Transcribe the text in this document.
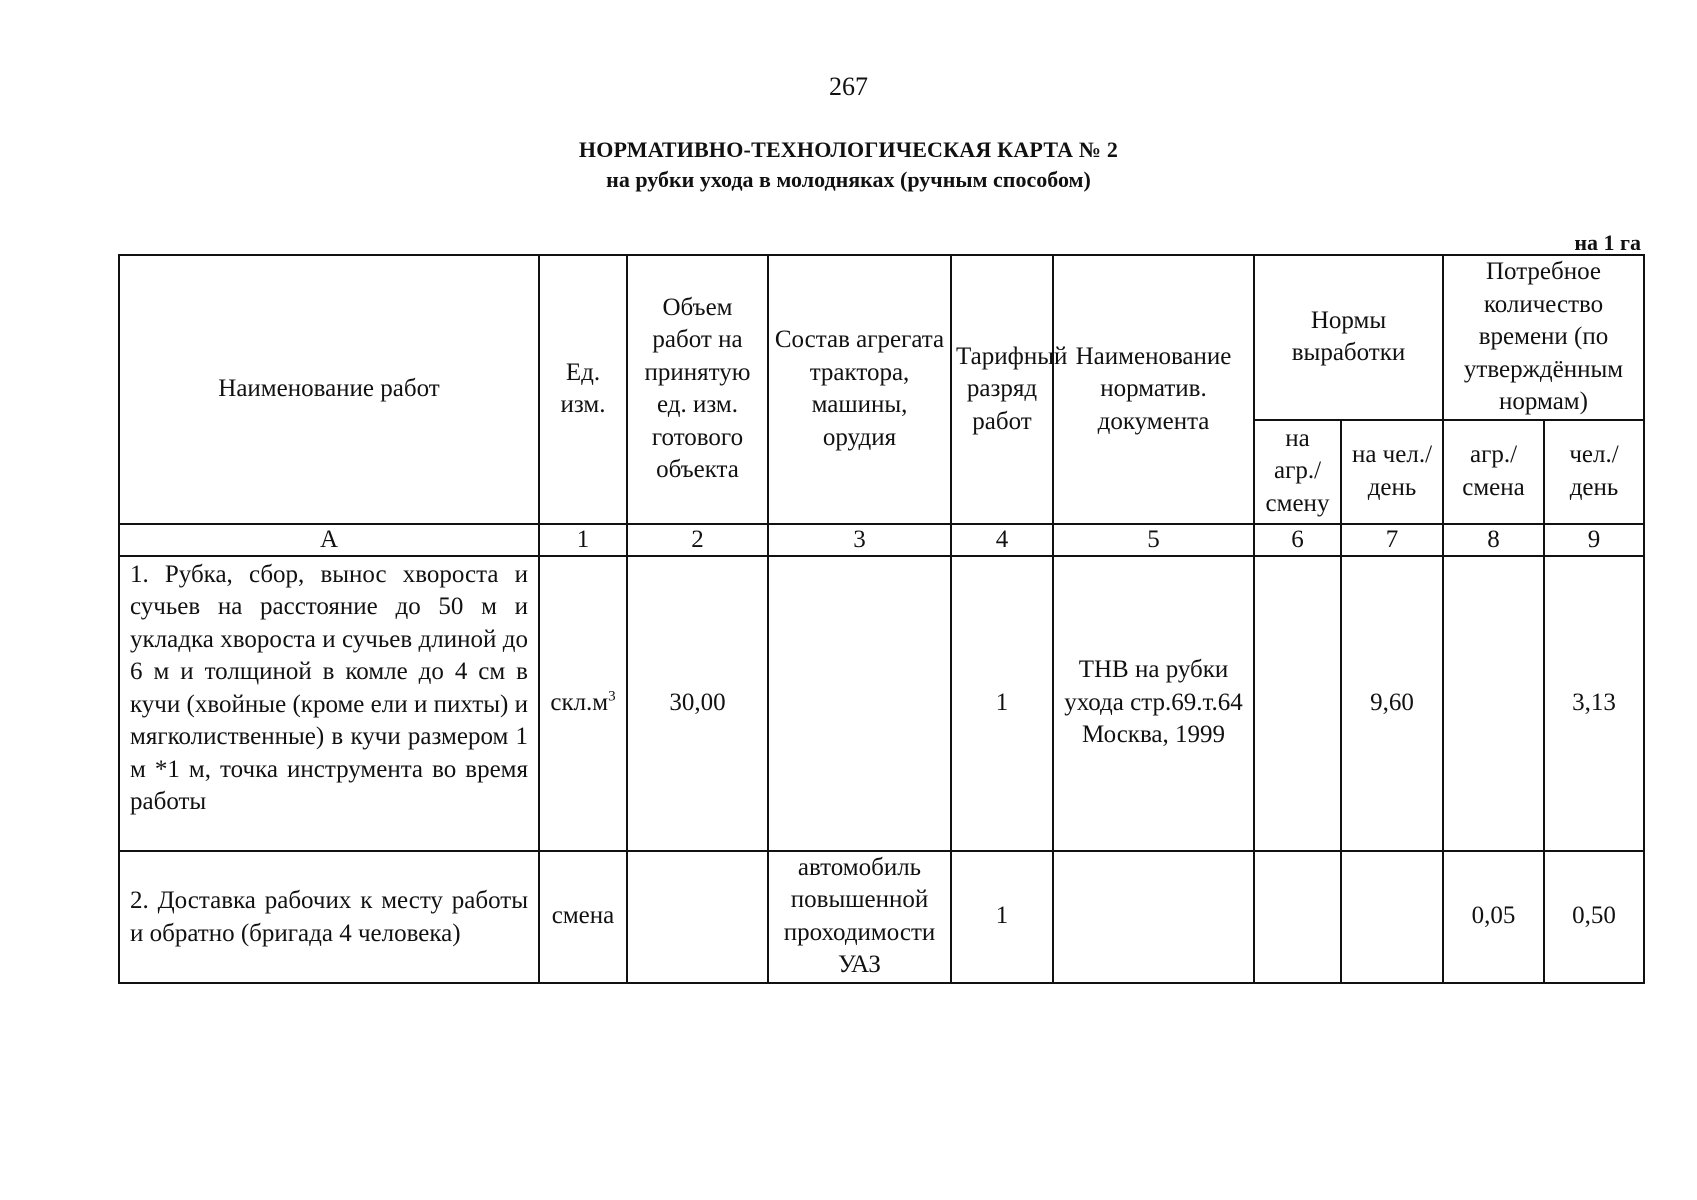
267
НОРМАТИВНО-ТЕХНОЛОГИЧЕСКАЯ КАРТА № 2
на рубки ухода в молодняках (ручным способом)
на 1 га
Наименование работ	Ед. изм.	Объем работ на принятую ед. изм. готового объекта	Состав агрегата трактора, машины, орудия	Тарифный разряд работ	Наименование норматив. документа	Нормы выработки		Потребное количество времени (по утверждённым нормам)	
						на агр./ смену	на чел./ день	агр./ смена	чел./ день
А	1	2	3	4	5	6	7	8	9
1. Рубка, сбор, вынос хвороста и сучьев на расстояние до 50 м и укладка хвороста и сучьев длиной до 6 м и толщиной в комле до 4 см в кучи (хвойные (кроме ели и пихты) и мягколиственные) в кучи размером 1 м *1 м, точка инструмента во время работы	$скл.м^3$	30,00		1	ТНВ на рубки ухода стр.69.т.64 Москва, 1999		9,60		3,13
2. Доставка рабочих к месту работы и обратно (бригада 4 человека)	смена		автомобиль повышенной проходимости УАЗ	1				0,05	0,50
